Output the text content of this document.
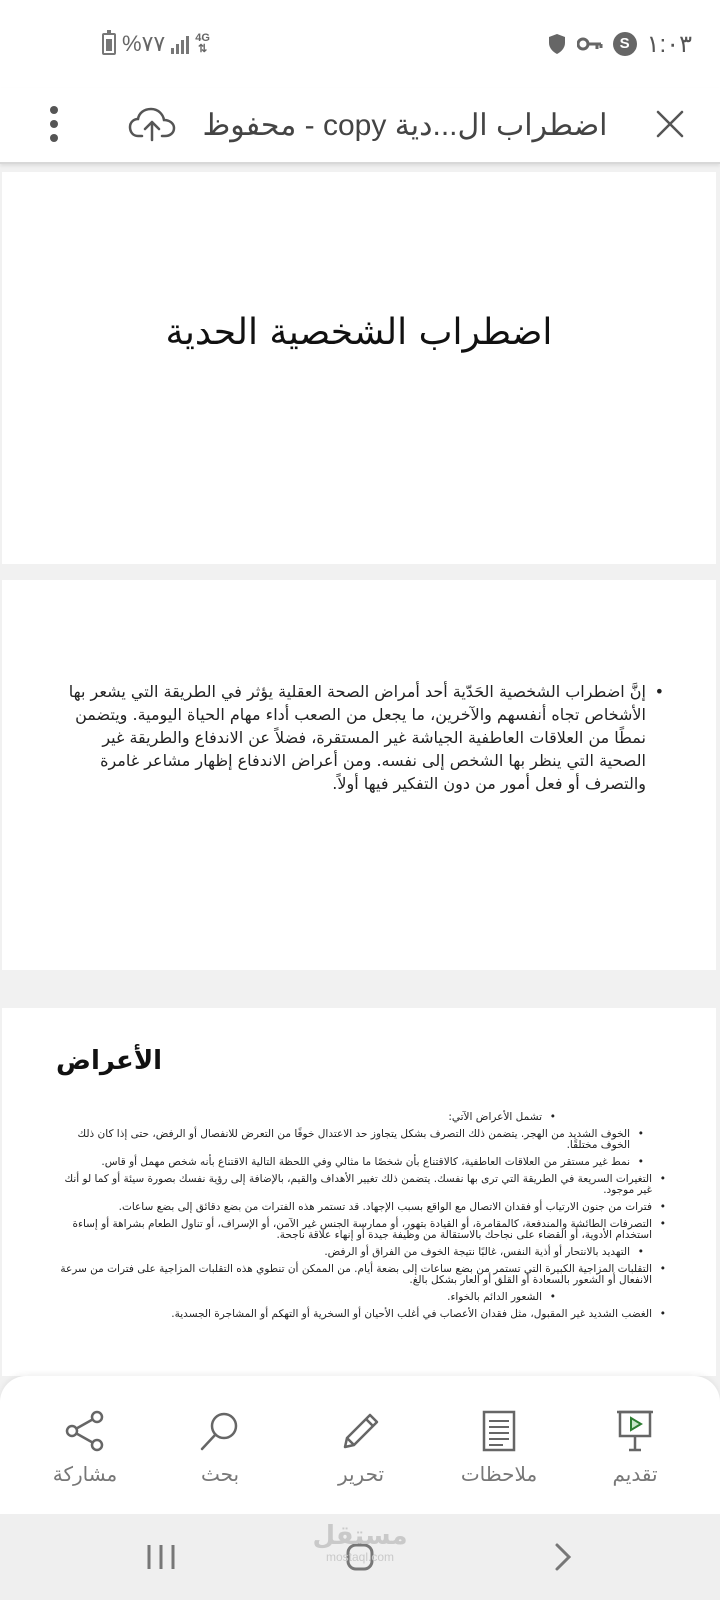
%٧٧	4G
⇅	S ١:٠٣
اضطراب ال...دية copy - محفوظ
اضطراب الشخصية الحدية
• إنَّ اضطراب الشخصية الحَدّية أحد أمراض الصحة العقلية يؤثر في الطريقة التي يشعر بها الأشخاص تجاه أنفسهم والآخرين، ما يجعل من الصعب أداء مهام الحياة اليومية. ويتضمن نمطًا من العلاقات العاطفية الجياشة غير المستقرة، فضلاً عن الاندفاع والطريقة غير الصحية التي ينظر بها الشخص إلى نفسه. ومن أعراض الاندفاع إظهار مشاعر غامرة والتصرف أو فعل أمور من دون التفكير فيها أولاً.
الأعراض
• تشمل الأعراض الآتي:
• الخوف الشديد من الهجر. يتضمن ذلك التصرف بشكل يتجاوز حد الاعتدال خوفًا من التعرض للانفصال أو الرفض، حتى إذا كان ذلك الخوف مختلقًا.
• نمط غير مستقر من العلاقات العاطفية، كالاقتناع بأن شخصًا ما مثالي وفي اللحظة التالية الاقتناع بأنه شخص مهمل أو قاس.
• التغيرات السريعة في الطريقة التي ترى بها نفسك. يتضمن ذلك تغيير الأهداف والقيم، بالإضافة إلى رؤية نفسك بصورة سيئة أو كما لو أنك غير موجود.
• فترات من جنون الارتياب أو فقدان الاتصال مع الواقع بسبب الإجهاد. قد تستمر هذه الفترات من بضع دقائق إلى بضع ساعات.
• التصرفات الطائشة والمندفعة، كالمقامرة، أو القيادة بتهور، أو ممارسة الجنس غير الآمن، أو الإسراف، أو تناول الطعام بشراهة أو إساءة استخدام الأدوية، أو القضاء على نجاحك بالاستقالة من وظيفة جيدة أو إنهاء علاقة ناجحة.
• التهديد بالانتحار أو أذية النفس، غالبًا نتيجة الخوف من الفراق أو الرفض.
• التقلبات المزاجية الكبيرة التي تستمر من بضع ساعات إلى بضعة أيام. من الممكن أن تنطوي هذه التقلبات المزاجية على فترات من سرعة الانفعال أو الشعور بالسعادة أو القلق أو العار بشكل بالغ.
• الشعور الدائم بالخواء.
• الغضب الشديد غير المقبول، مثل فقدان الأعصاب في أغلب الأحيان أو السخرية أو التهكم أو المشاجرة الجسدية.
مشاركة	بحث	تحرير	ملاحظات	تقديم
مستقل
mostaql.com
